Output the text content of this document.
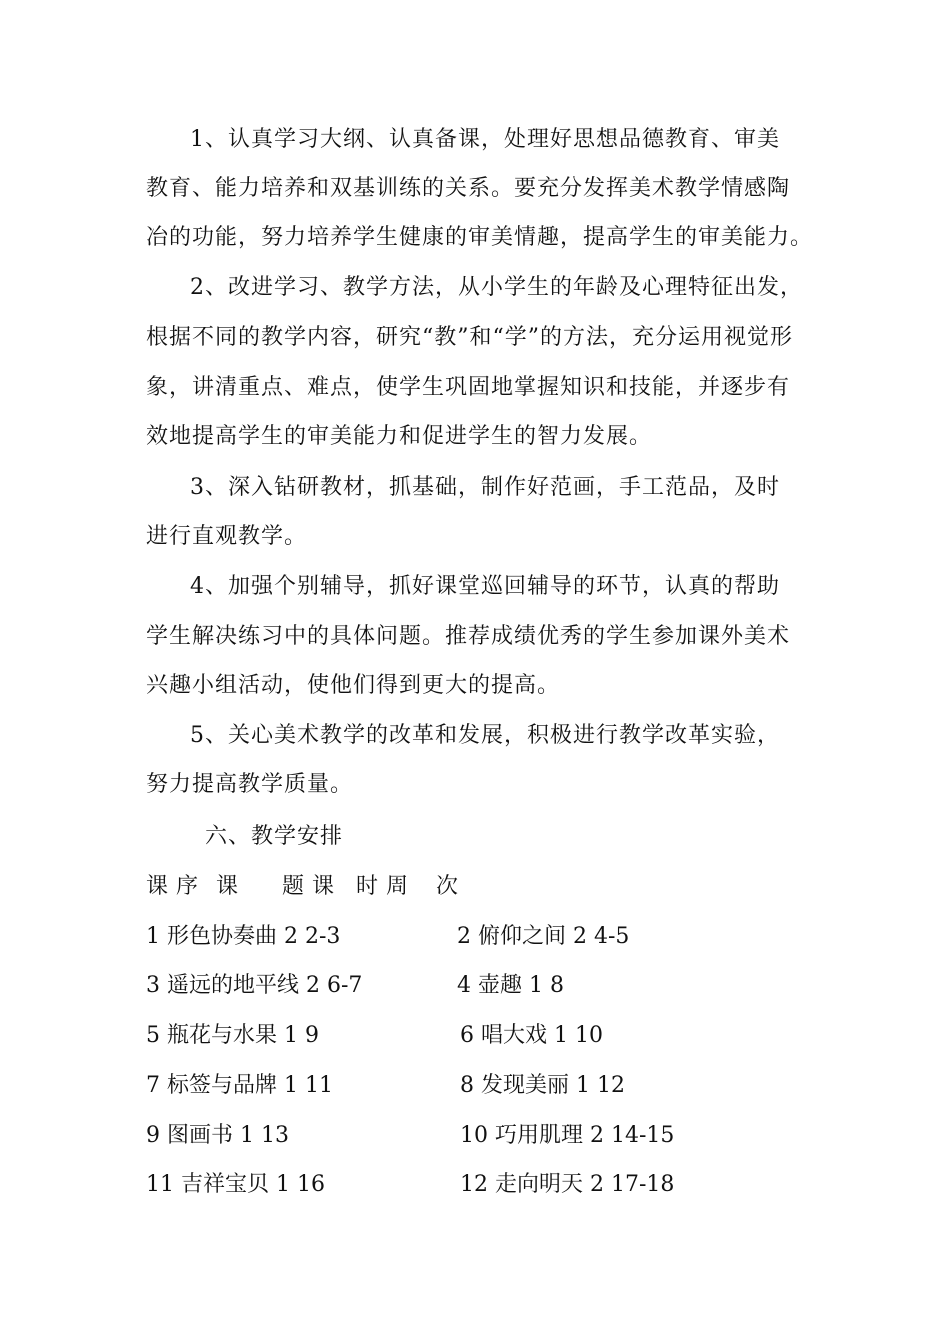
1、认真学习大纲、认真备课，处理好思想品德教育、审美
教育、能力培养和双基训练的关系。要充分发挥美术教学情感陶
冶的功能，努力培养学生健康的审美情趣，提高学生的审美能力。
2、改进学习、教学方法，从小学生的年龄及心理特征出发，
根据不同的教学内容，研究“教”和“学”的方法，充分运用视觉形
象，讲清重点、难点，使学生巩固地掌握知识和技能，并逐步有
效地提高学生的审美能力和促进学生的智力发展。
3、深入钻研教材，抓基础，制作好范画，手工范品，及时
进行直观教学。
4、加强个别辅导，抓好课堂巡回辅导的环节，认真的帮助
学生解决练习中的具体问题。推荐成绩优秀的学生参加课外美术
兴趣小组活动，使他们得到更大的提高。
5、关心美术教学的改革和发展，积极进行教学改革实验，
努力提高教学质量。
六、教学安排
课 序 课 题 课 时 周 次
1 形色协奏曲 2 2-3	2 俯仰之间 2 4-5
3 遥远的地平线 2 6-7	4 壶趣 1 8
5 瓶花与水果 1 9	6 唱大戏 1 10
7 标签与品牌 1 11	8 发现美丽 1 12
9 图画书 1 13	10 巧用肌理 2 14-15
11 吉祥宝贝 1 16	12 走向明天 2 17-18
